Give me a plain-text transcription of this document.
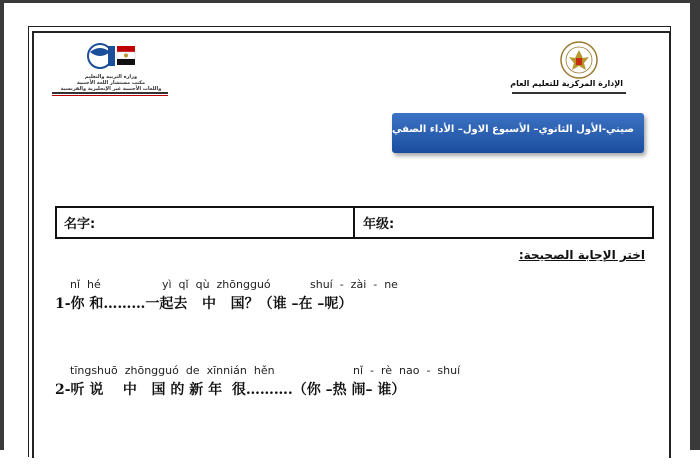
وزارة التربية والتعليم
مكتب مستشار اللغة الأجنبية
واللغات الأجنبية غير الإنجليزية والفرنسية
الإدارة المركزية للتعليم العام
صيني-الأول الثانوي– الأسبوع الاول– الأداء الصفي
名字:	年级:
اختر الإجابة الصحيحة:
nǐ  hé	yì  qǐ  qù  zhōngguó	shuí  -  zài  -  ne
1-你 和………一起去   中   国？（谁 –在 –呢）
tīngshuō  zhōngguó  de  xīnnián  hěn	nǐ  -  rè  nao  -  shuí
2-听 说    中   国 的 新 年  很……….（你 –热 闹– 谁）
